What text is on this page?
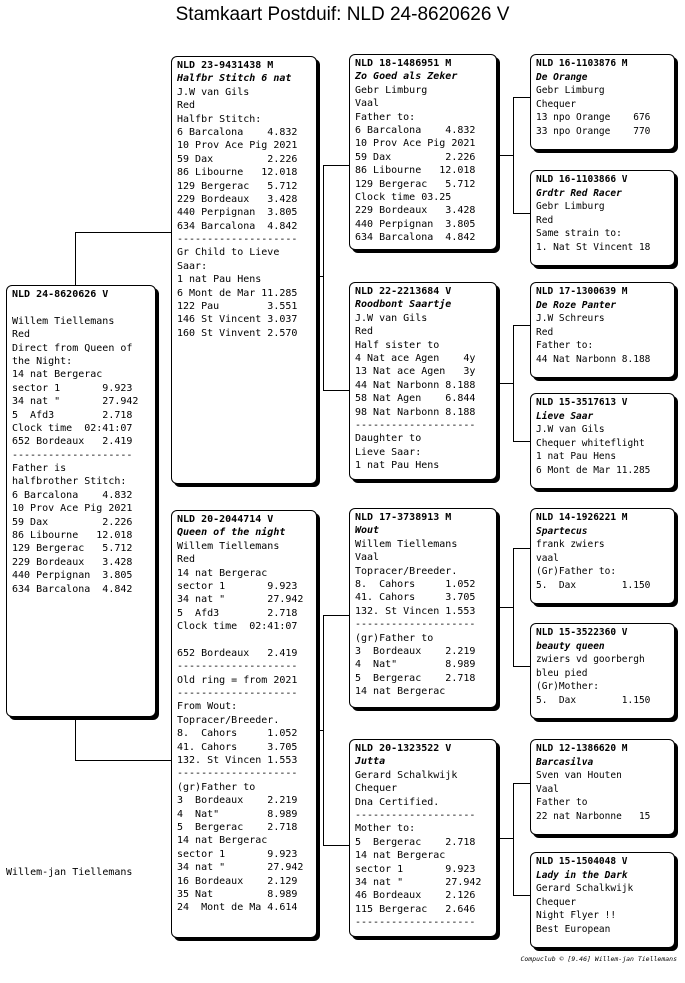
Stamkaart Postduif: NLD 24-8620626 V
NLD 24-8620626 V
Willem Tiellemans
Red
Direct from Queen of
the Night:
14 nat Bergerac
sector 1       9.923
34 nat "       27.942
5  Afd3        2.718
Clock time  02:41:07
652 Bordeaux   2.419
--------------------
Father is
halfbrother Stitch:
6 Barcalona    4.832
10 Prov Ace Pig 2021
59 Dax         2.226
86 Libourne   12.018
129 Bergerac   5.712
229 Bordeaux   3.428
440 Perpignan  3.805
634 Barcalona  4.842
NLD 23-9431438 M
Halfbr Stitch 6 nat
J.W van Gils
Red
Halfbr Stitch:
6 Barcalona    4.832
10 Prov Ace Pig 2021
59 Dax         2.226
86 Libourne   12.018
129 Bergerac   5.712
229 Bordeaux   3.428
440 Perpignan  3.805
634 Barcalona  4.842
--------------------
Gr Child to Lieve
Saar:
1 nat Pau Hens
6 Mont de Mar 11.285
122 Pau        3.551
146 St Vincent 3.037
160 St Vinvent 2.570
NLD 20-2044714 V
Queen of the night
Willem Tiellemans
Red
14 nat Bergerac
sector 1       9.923
34 nat "       27.942
5  Afd3        2.718
Clock time  02:41:07
652 Bordeaux   2.419
--------------------
Old ring = from 2021
--------------------
From Wout:
Topracer/Breeder.
8.  Cahors     1.052
41. Cahors     3.705
132. St Vincen 1.553
--------------------
(gr)Father to
3  Bordeaux    2.219
4  Nat"        8.989
5  Bergerac    2.718
14 nat Bergerac
sector 1       9.923
34 nat "       27.942
16 Bordeaux    2.129
35 Nat         8.989
24  Mont de Ma 4.614
NLD 18-1486951 M
Zo Goed als Zeker
Gebr Limburg
Vaal
Father to:
6 Barcalona    4.832
10 Prov Ace Pig 2021
59 Dax         2.226
86 Libourne   12.018
129 Bergerac   5.712
Clock time 03.25
229 Bordeaux   3.428
440 Perpignan  3.805
634 Barcalona  4.842
NLD 22-2213684 V
Roodbont Saartje
J.W van Gils
Red
Half sister to
4 Nat ace Agen    4y
13 Nat ace Agen   3y
44 Nat Narbonn 8.188
58 Nat Agen    6.844
98 Nat Narbonn 8.188
--------------------
Daughter to
Lieve Saar:
1 nat Pau Hens
NLD 17-3738913 M
Wout
Willem Tiellemans
Vaal
Topracer/Breeder.
8.  Cahors     1.052
41. Cahors     3.705
132. St Vincen 1.553
--------------------
(gr)Father to
3  Bordeaux    2.219
4  Nat"        8.989
5  Bergerac    2.718
14 nat Bergerac
NLD 20-1323522 V
Jutta
Gerard Schalkwijk
Chequer
Dna Certified.
--------------------
Mother to:
5  Bergerac    2.718
14 nat Bergerac
sector 1       9.923
34 nat "       27.942
46 Bordeaux    2.126
115 Bergerac   2.646
--------------------
NLD 16-1103876 M
De Orange
Gebr Limburg
Chequer
13 npo Orange    676
33 npo Orange    770
NLD 16-1103866 V
Grdtr Red Racer
Gebr Limburg
Red
Same strain to:
1. Nat St Vincent 18
NLD 17-1300639 M
De Roze Panter
J.W Schreurs
Red
Father to:
44 Nat Narbonn 8.188
NLD 15-3517613 V
Lieve Saar
J.W van Gils
Chequer whiteflight
1 nat Pau Hens
6 Mont de Mar 11.285
NLD 14-1926221 M
Spartecus
frank zwiers
vaal
(Gr)Father to:
5.  Dax        1.150
NLD 15-3522360 V
beauty queen
zwiers vd goorbergh
bleu pied
(Gr)Mother:
5.  Dax        1.150
NLD 12-1386620 M
Barcasilva
Sven van Houten
Vaal
Father to
22 nat Narbonne   15
NLD 15-1504048 V
Lady in the Dark
Gerard Schalkwijk
Chequer
Night Flyer !!
Best European
Willem-jan Tiellemans
Compuclub © [9.46] Willem-jan Tiellemans
